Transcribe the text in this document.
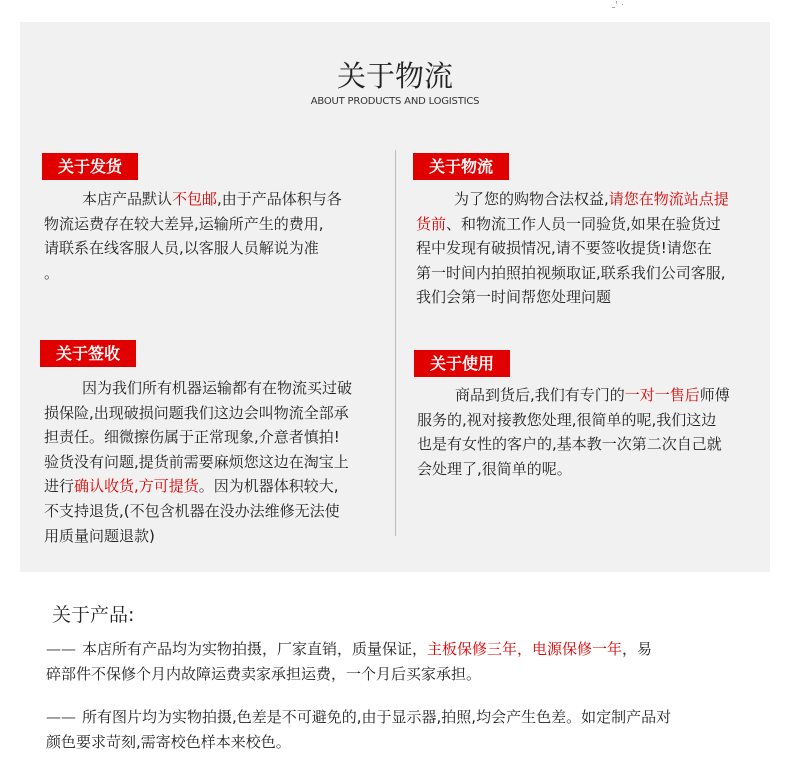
ـ' ·
关于物流
ABOUT PRODUCTS AND LOGISTICS
关于发货
本店产品默认不包邮,由于产品体积与各
物流运费存在较大差异,运输所产生的费用,
请联系在线客服人员,以客服人员解说为准
。
关于物流
为了您的购物合法权益,请您在物流站点提
货前、和物流工作人员一同验货,如果在验货过
程中发现有破损情况,请不要签收提货!请您在
第一时间内拍照拍视频取证,联系我们公司客服,
我们会第一时间帮您处理问题
关于签收
因为我们所有机器运输都有在物流买过破
损保险,出现破损问题我们这边会叫物流全部承
担责任。细微擦伤属于正常现象,介意者慎拍!
验货没有问题,提货前需要麻烦您这边在淘宝上
进行确认收货,方可提货。因为机器体积较大,
不支持退货,(不包含机器在没办法维修无法使
用质量问题退款)
关于使用
商品到货后,我们有专门的一对一售后师傅
服务的,视对接教您处理,很简单的呢,我们这边
也是有女性的客户的,基本教一次第二次自己就
会处理了,很简单的呢。
关于产品:
—— 本店所有产品均为实物拍摄，厂家直销，质量保证，主板保修三年，电源保修一年，易
碎部件不保修个月内故障运费卖家承担运费，一个月后买家承担。
—— 所有图片均为实物拍摄,色差是不可避免的,由于显示器,拍照,均会产生色差。如定制产品对
颜色要求苛刻,需寄校色样本来校色。
